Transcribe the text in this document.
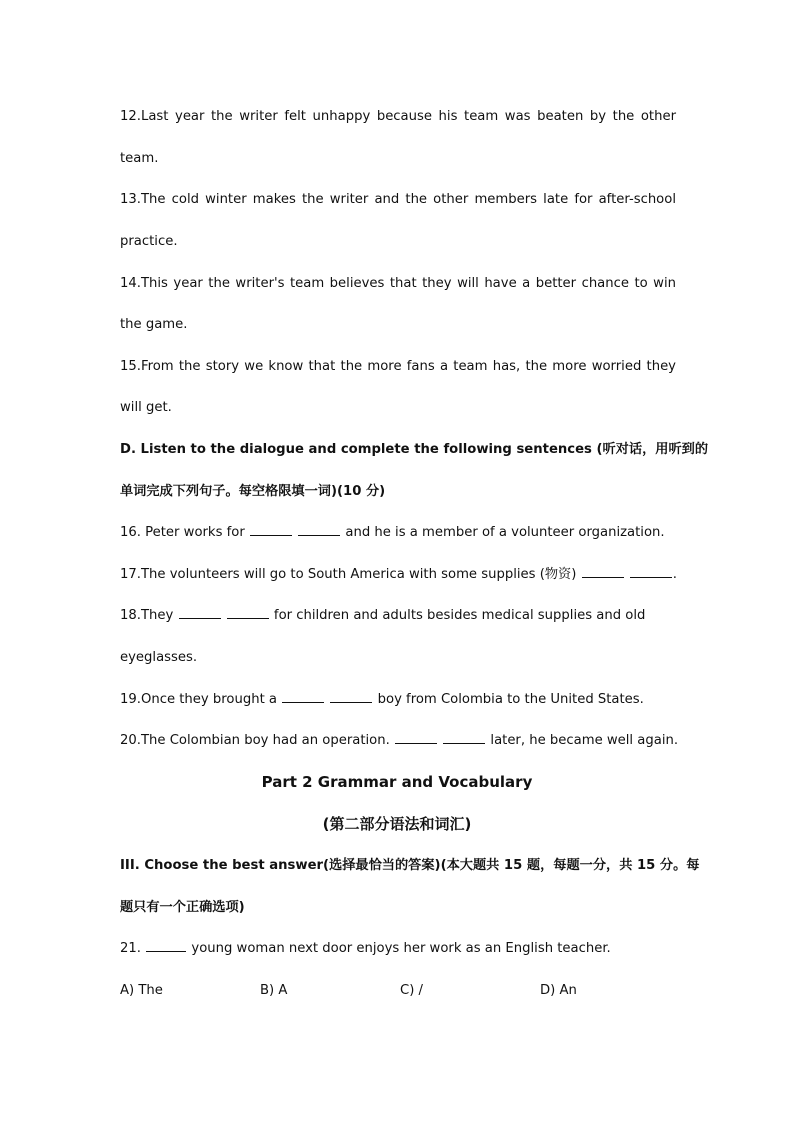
12.Last year the writer felt unhappy because his team was beaten by the other
team.
13.The cold winter makes the writer and the other members late for after-school
practice.
14.This year the writer's team believes that they will have a better chance to win
the game.
15.From the story we know that the more fans a team has, the more worried they
will get.
D. Listen to the dialogue and complete the following sentences (听对话，用听到的
单词完成下列句子。每空格限填一词)(10 分)
16. Peter works for	and he is a member of a volunteer organization.
17.The volunteers will go to South America with some supplies (物资)	.
18.They	for children and adults besides medical supplies and old
eyeglasses.
19.Once they brought a	boy from Colombia to the United States.
20.The Colombian boy had an operation.	later, he became well again.
Part 2 Grammar and Vocabulary
(第二部分语法和词汇)
III. Choose the best answer(选择最恰当的答案)(本大题共 15 题，每题一分，共 15 分。每
题只有一个正确选项)
21.	young woman next door enjoys her work as an English teacher.
A) The	B) A	C) /	D) An
